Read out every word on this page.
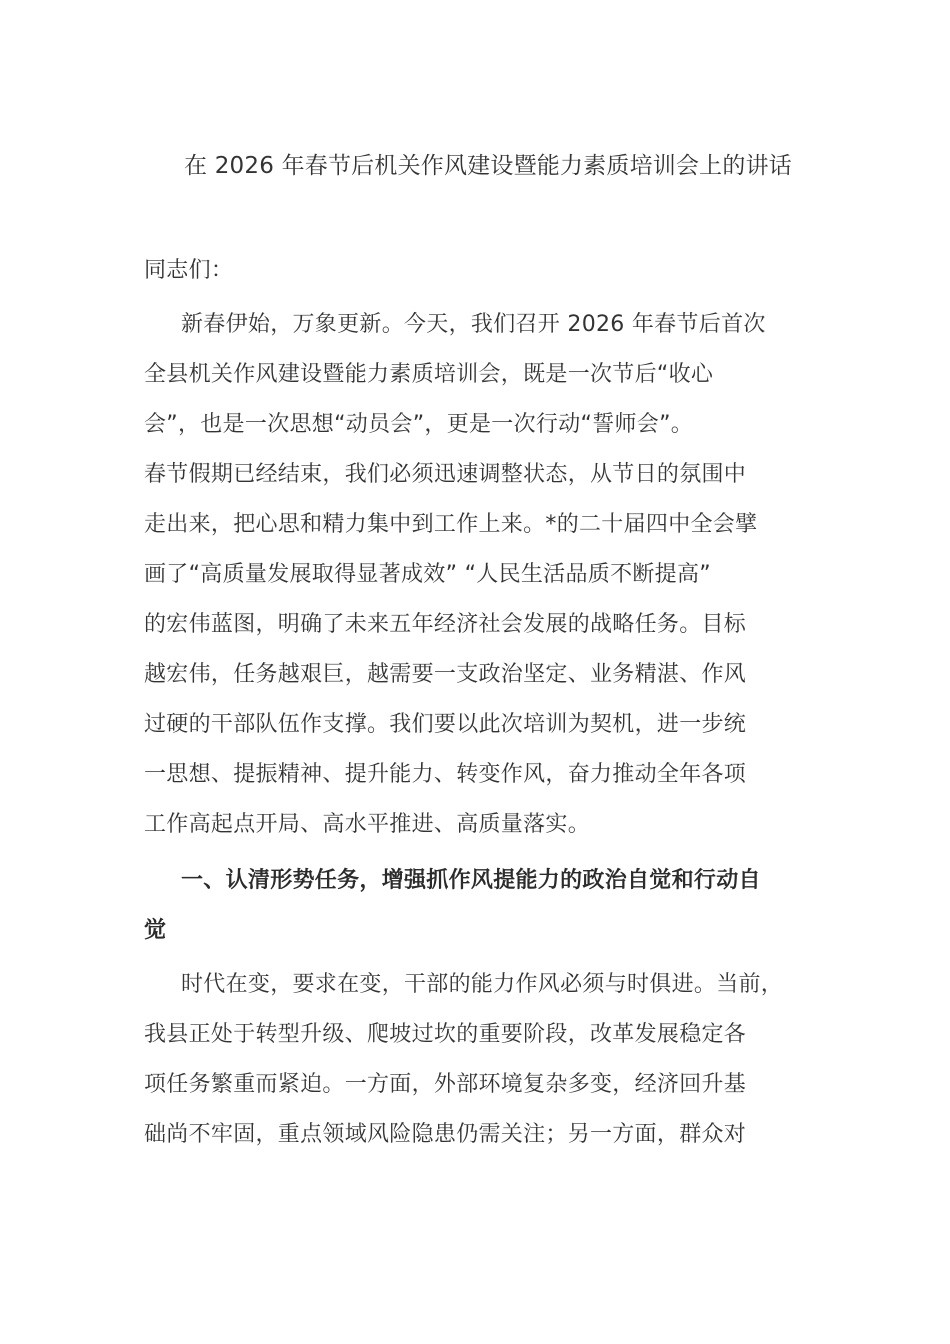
在 2026 年春节后机关作风建设暨能力素质培训会上的讲话
同志们：
新春伊始，万象更新。今天，我们召开 2026 年春节后首次
全县机关作风建设暨能力素质培训会，既是一次节后“收心
会”，也是一次思想“动员会”，更是一次行动“誓师会”。
春节假期已经结束，我们必须迅速调整状态，从节日的氛围中
走出来，把心思和精力集中到工作上来。*的二十届四中全会擘
画了“高质量发展取得显著成效” “人民生活品质不断提高”
的宏伟蓝图，明确了未来五年经济社会发展的战略任务。目标
越宏伟，任务越艰巨，越需要一支政治坚定、业务精湛、作风
过硬的干部队伍作支撑。我们要以此次培训为契机，进一步统
一思想、提振精神、提升能力、转变作风，奋力推动全年各项
工作高起点开局、高水平推进、高质量落实。
一、认清形势任务，增强抓作风提能力的政治自觉和行动自
觉
时代在变，要求在变，干部的能力作风必须与时俱进。当前，
我县正处于转型升级、爬坡过坎的重要阶段，改革发展稳定各
项任务繁重而紧迫。一方面，外部环境复杂多变，经济回升基
础尚不牢固，重点领域风险隐患仍需关注；另一方面，群众对
